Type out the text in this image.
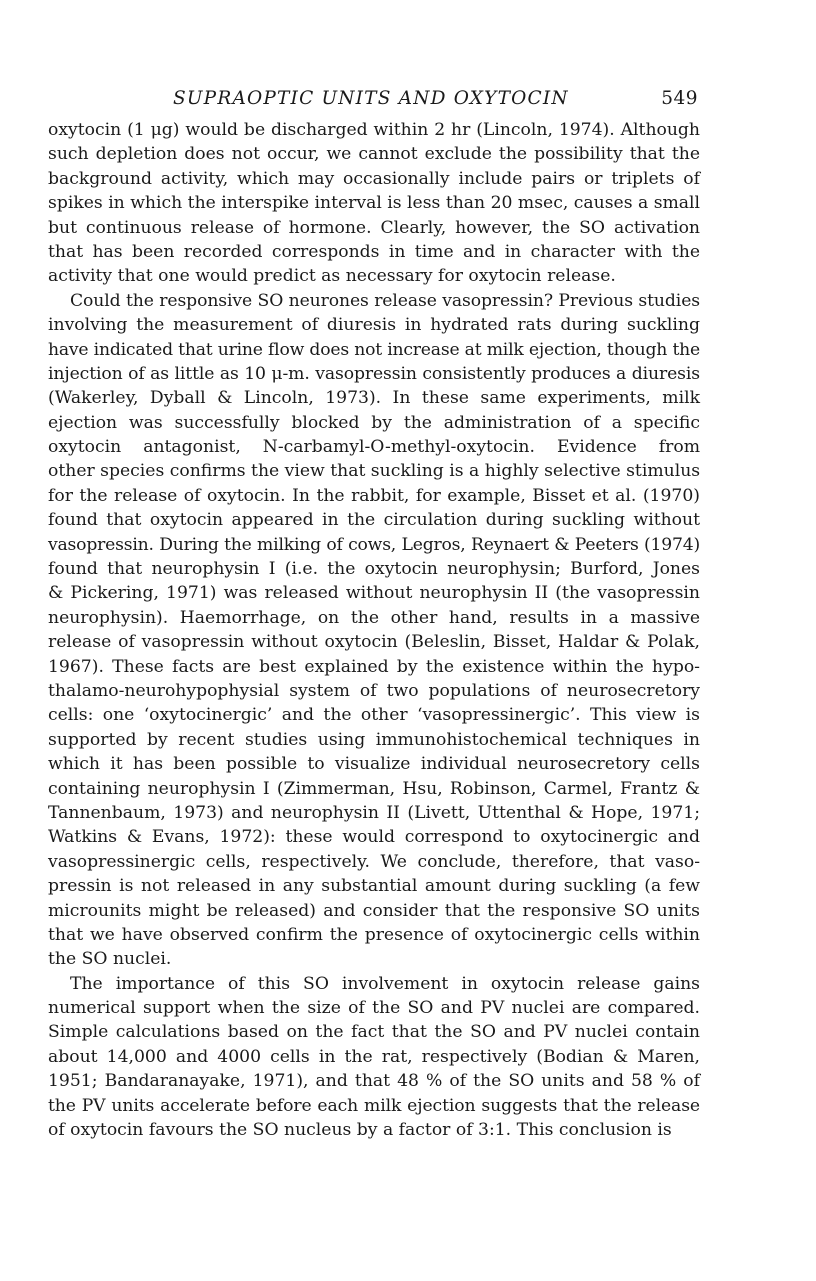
SUPRAOPTIC UNITS AND OXYTOCIN	549
oxytocin (1 μg) would be discharged within 2 hr (Lincoln, 1974). Although
such depletion does not occur, we cannot exclude the possibility that the
background activity, which may occasionally include pairs or triplets of
spikes in which the interspike interval is less than 20 msec, causes a small
but continuous release of hormone. Clearly, however, the SO activation
that has been recorded corresponds in time and in character with the
activity that one would predict as necessary for oxytocin release.
Could the responsive SO neurones release vasopressin? Previous studies
involving the measurement of diuresis in hydrated rats during suckling
have indicated that urine flow does not increase at milk ejection, though the
injection of as little as 10 μ-m. vasopressin consistently produces a diuresis
(Wakerley, Dyball & Lincoln, 1973). In these same experiments, milk
ejection was successfully blocked by the administration of a specific
oxytocin antagonist, N-carbamyl-O-methyl-oxytocin. Evidence from
other species confirms the view that suckling is a highly selective stimulus
for the release of oxytocin. In the rabbit, for example, Bisset et al. (1970)
found that oxytocin appeared in the circulation during suckling without
vasopressin. During the milking of cows, Legros, Reynaert & Peeters (1974)
found that neurophysin I (i.e. the oxytocin neurophysin; Burford, Jones
& Pickering, 1971) was released without neurophysin II (the vasopressin
neurophysin). Haemorrhage, on the other hand, results in a massive
release of vasopressin without oxytocin (Beleslin, Bisset, Haldar & Polak,
1967). These facts are best explained by the existence within the hypo-
thalamo-neurohypophysial system of two populations of neurosecretory
cells: one ‘oxytocinergic’ and the other ‘vasopressinergic’. This view is
supported by recent studies using immunohistochemical techniques in
which it has been possible to visualize individual neurosecretory cells
containing neurophysin I (Zimmerman, Hsu, Robinson, Carmel, Frantz &
Tannenbaum, 1973) and neurophysin II (Livett, Uttenthal & Hope, 1971;
Watkins & Evans, 1972): these would correspond to oxytocinergic and
vasopressinergic cells, respectively. We conclude, therefore, that vaso-
pressin is not released in any substantial amount during suckling (a few
microunits might be released) and consider that the responsive SO units
that we have observed confirm the presence of oxytocinergic cells within
the SO nuclei.
The importance of this SO involvement in oxytocin release gains
numerical support when the size of the SO and PV nuclei are compared.
Simple calculations based on the fact that the SO and PV nuclei contain
about 14,000 and 4000 cells in the rat, respectively (Bodian & Maren,
1951; Bandaranayake, 1971), and that 48 % of the SO units and 58 % of
the PV units accelerate before each milk ejection suggests that the release
of oxytocin favours the SO nucleus by a factor of 3:1. This conclusion is
